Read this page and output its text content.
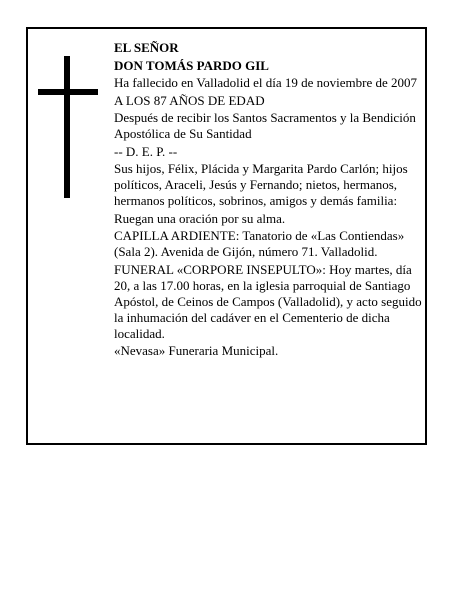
EL SEÑOR

DON TOMÁS PARDO GIL

Ha fallecido en Valladolid el día 19 de noviembre de 2007

A LOS 87 AÑOS DE EDAD

Después de recibir los Santos Sacramentos y la Bendición Apostólica de Su Santidad

-- D. E. P. --

Sus hijos, Félix, Plácida y Margarita Pardo Carlón; hijos políticos, Araceli, Jesús y Fernando; nietos, hermanos, hermanos políticos, sobrinos, amigos y demás familia:

Ruegan una oración por su alma.

CAPILLA ARDIENTE: Tanatorio de «Las Contiendas» (Sala 2). Avenida de Gijón, número 71. Valladolid.

FUNERAL «CORPORE INSEPULTO»: Hoy martes, día 20, a las 17.00 horas, en la iglesia parroquial de Santiago Apóstol, de Ceinos de Campos (Valladolid), y acto seguido la inhumación del cadáver en el Cementerio de dicha localidad.

«Nevasa» Funeraria Municipal.
